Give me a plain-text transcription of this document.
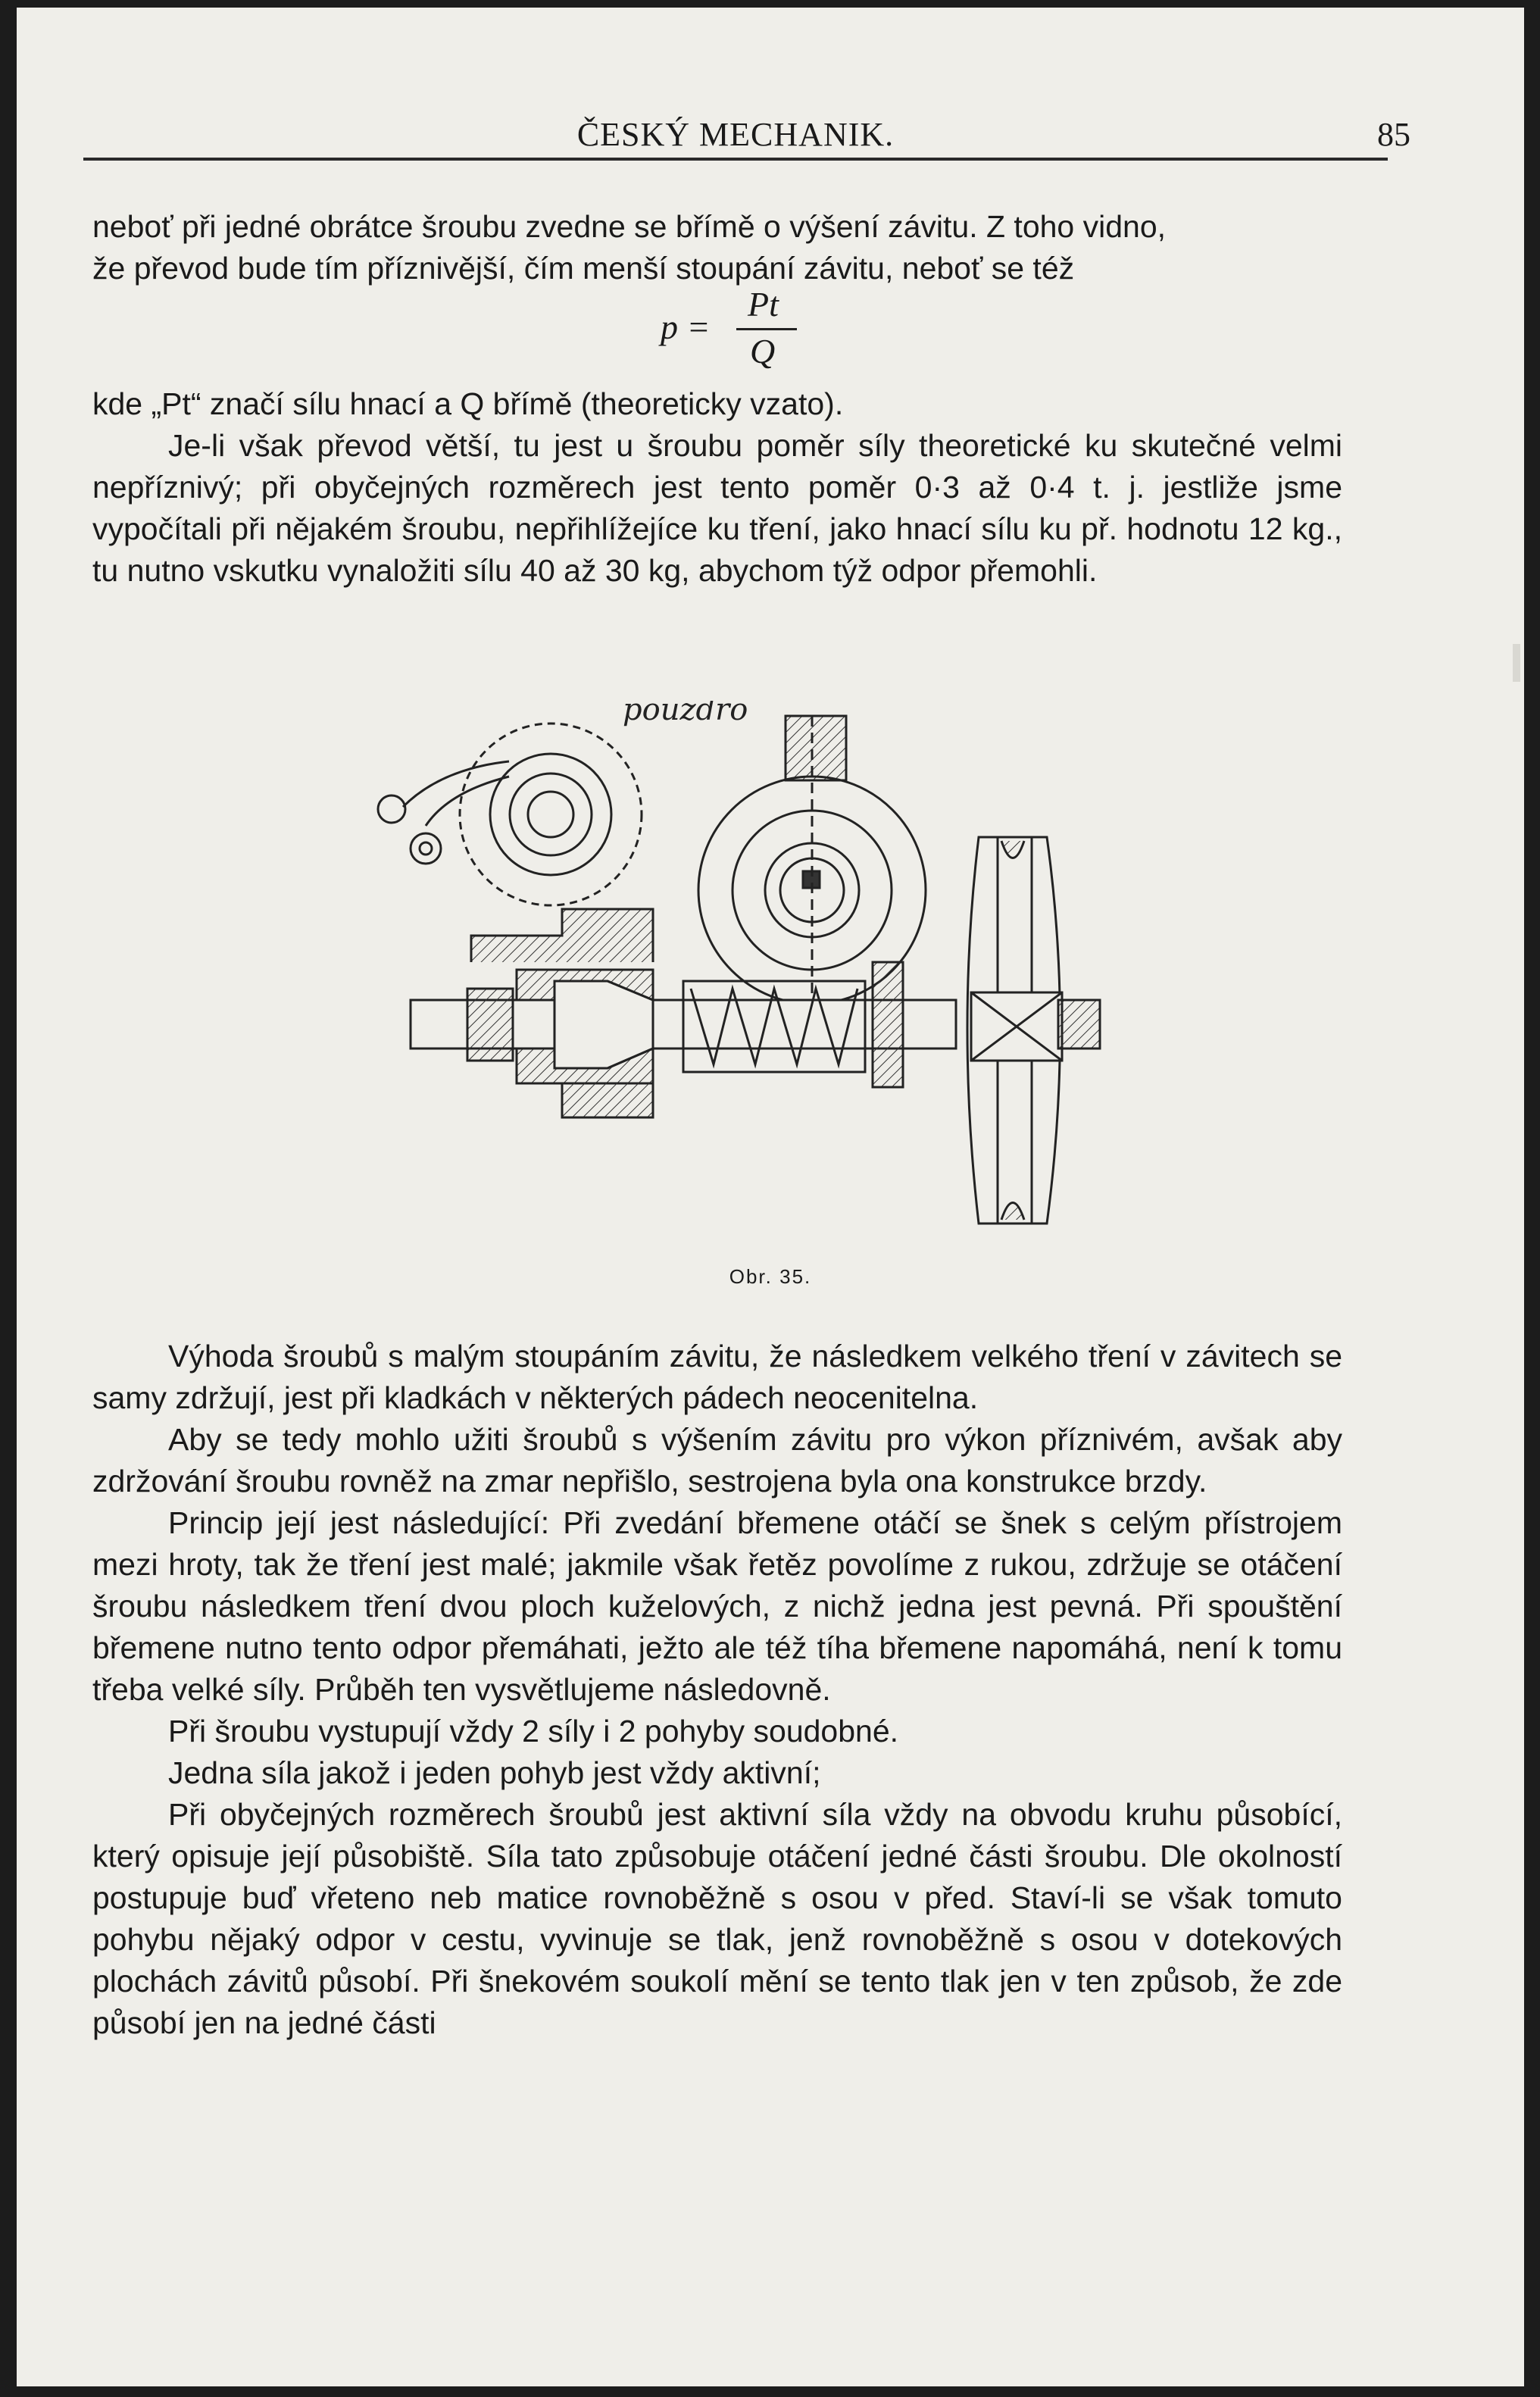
ČESKÝ MECHANIK.	85

neboť při jedné obrátce šroubu zvedne se břímě o výšení závitu. Z toho vidno,

že převod bude tím příznivější, čím menší stoupání závitu, neboť se též

p =
Pt
Q

kde „Pt“ značí sílu hnací a Q břímě (theoreticky vzato).

Je-li však převod větší, tu jest u šroubu poměr síly theoretické ku skutečné velmi nepříznivý; při obyčejných rozměrech jest tento poměr 0·3 až 0·4 t. j. jestliže jsme vypočítali při nějakém šroubu, nepřihlížejíce ku tření, jako hnací sílu ku př. hodnotu 12 kg., tu nutno vskutku vynaložiti sílu 40 až 30 kg, abychom týž odpor přemohli.

pouzdro
Obr. 35.

Výhoda šroubů s malým stoupáním závitu, že následkem velkého tření v závitech se samy zdržují, jest při kladkách v některých pádech neocenitelna.

Aby se tedy mohlo užiti šroubů s výšením závitu pro výkon příznivém, avšak aby zdržování šroubu rovněž na zmar nepřišlo, sestrojena byla ona konstrukce brzdy.

Princip její jest následující: Při zvedání břemene otáčí se šnek s celým přístrojem mezi hroty, tak že tření jest malé; jakmile však řetěz povolíme z rukou, zdržuje se otáčení šroubu následkem tření dvou ploch kuželových, z nichž jedna jest pevná. Při spouštění břemene nutno tento odpor přemáhati, ježto ale též tíha břemene napomáhá, není k tomu třeba velké síly. Průběh ten vysvětlujeme následovně.

Při šroubu vystupují vždy 2 síly i 2 pohyby soudobné.

Jedna síla jakož i jeden pohyb jest vždy aktivní;

Při obyčejných rozměrech šroubů jest aktivní síla vždy na obvodu kruhu působící, který opisuje její působiště. Síla tato způsobuje otáčení jedné části šroubu. Dle okolností postupuje buď vřeteno neb matice rovnoběžně s osou v před. Staví-li se však tomuto pohybu nějaký odpor v cestu, vyvinuje se tlak, jenž rovnoběžně s osou v dotekových plochách závitů působí. Při šnekovém soukolí mění se tento tlak jen v ten způsob, že zde působí jen na jedné části
